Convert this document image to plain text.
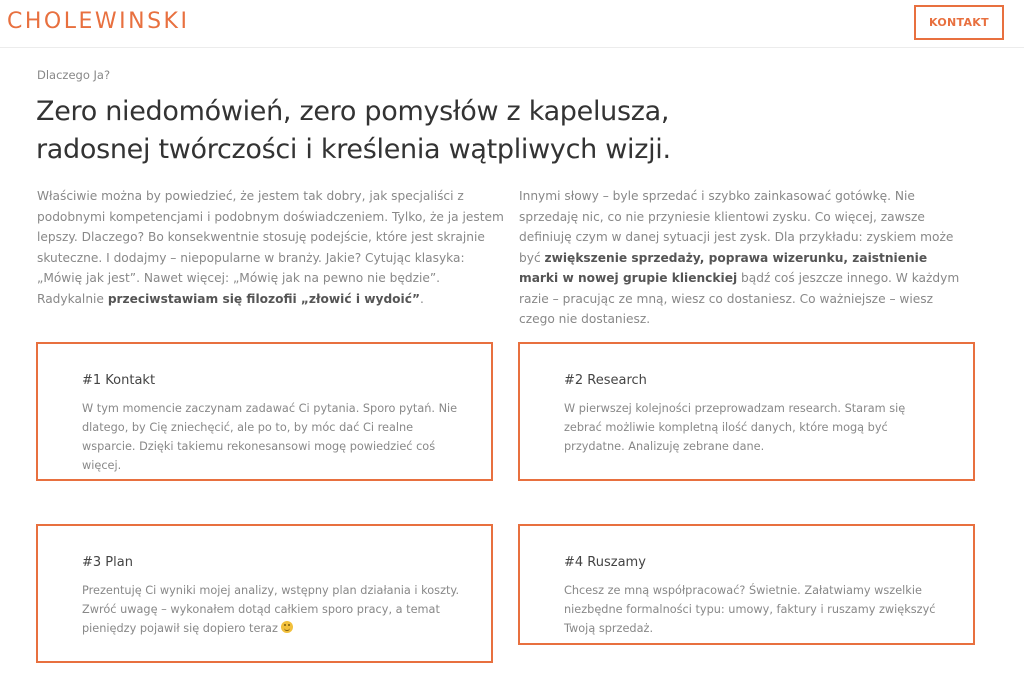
CHOLEWINSKI	KONTAKT
Dlaczego Ja?
Zero niedomówień, zero pomysłów z kapelusza,
radosnej twórczości i kreślenia wątpliwych wizji.

Właściwie można by powiedzieć, że jestem tak dobry, jak specjaliści z podobnymi kompetencjami i podobnym doświadczeniem. Tylko, że ja jestem lepszy. Dlaczego? Bo konsekwentnie stosuję podejście, które jest skrajnie skuteczne. I dodajmy – niepopularne w branży. Jakie? Cytując klasyka: „Mówię jak jest”. Nawet więcej: „Mówię jak na pewno nie będzie”. Radykalnie przeciwstawiam się filozofii „złowić i wydoić”.

Innymi słowy – byle sprzedać i szybko zainkasować gotówkę. Nie sprzedaję nic, co nie przyniesie klientowi zysku. Co więcej, zawsze definiuję czym w danej sytuacji jest zysk. Dla przykładu: zyskiem może być zwiększenie sprzedaży, poprawa wizerunku, zaistnienie marki w nowej grupie klienckiej bądź coś jeszcze innego. W każdym razie – pracując ze mną, wiesz co dostaniesz. Co ważniejsze – wiesz czego nie dostaniesz.

#1 Kontakt
W tym momencie zaczynam zadawać Ci pytania. Sporo pytań. Nie dlatego, by Cię zniechęcić, ale po to, by móc dać Ci realne wsparcie. Dzięki takiemu rekonesansowi mogę powiedzieć coś więcej.
#2 Research
W pierwszej kolejności przeprowadzam research. Staram się zebrać możliwie kompletną ilość danych, które mogą być przydatne. Analizuję zebrane dane.
#3 Plan
Prezentuję Ci wyniki mojej analizy, wstępny plan działania i koszty. Zwróć uwagę – wykonałem dotąd całkiem sporo pracy, a temat pieniędzy pojawił się dopiero teraz
#4 Ruszamy
Chcesz ze mną współpracować? Świetnie. Załatwiamy wszelkie niezbędne formalności typu: umowy, faktury i ruszamy zwiększyć Twoją sprzedaż.
